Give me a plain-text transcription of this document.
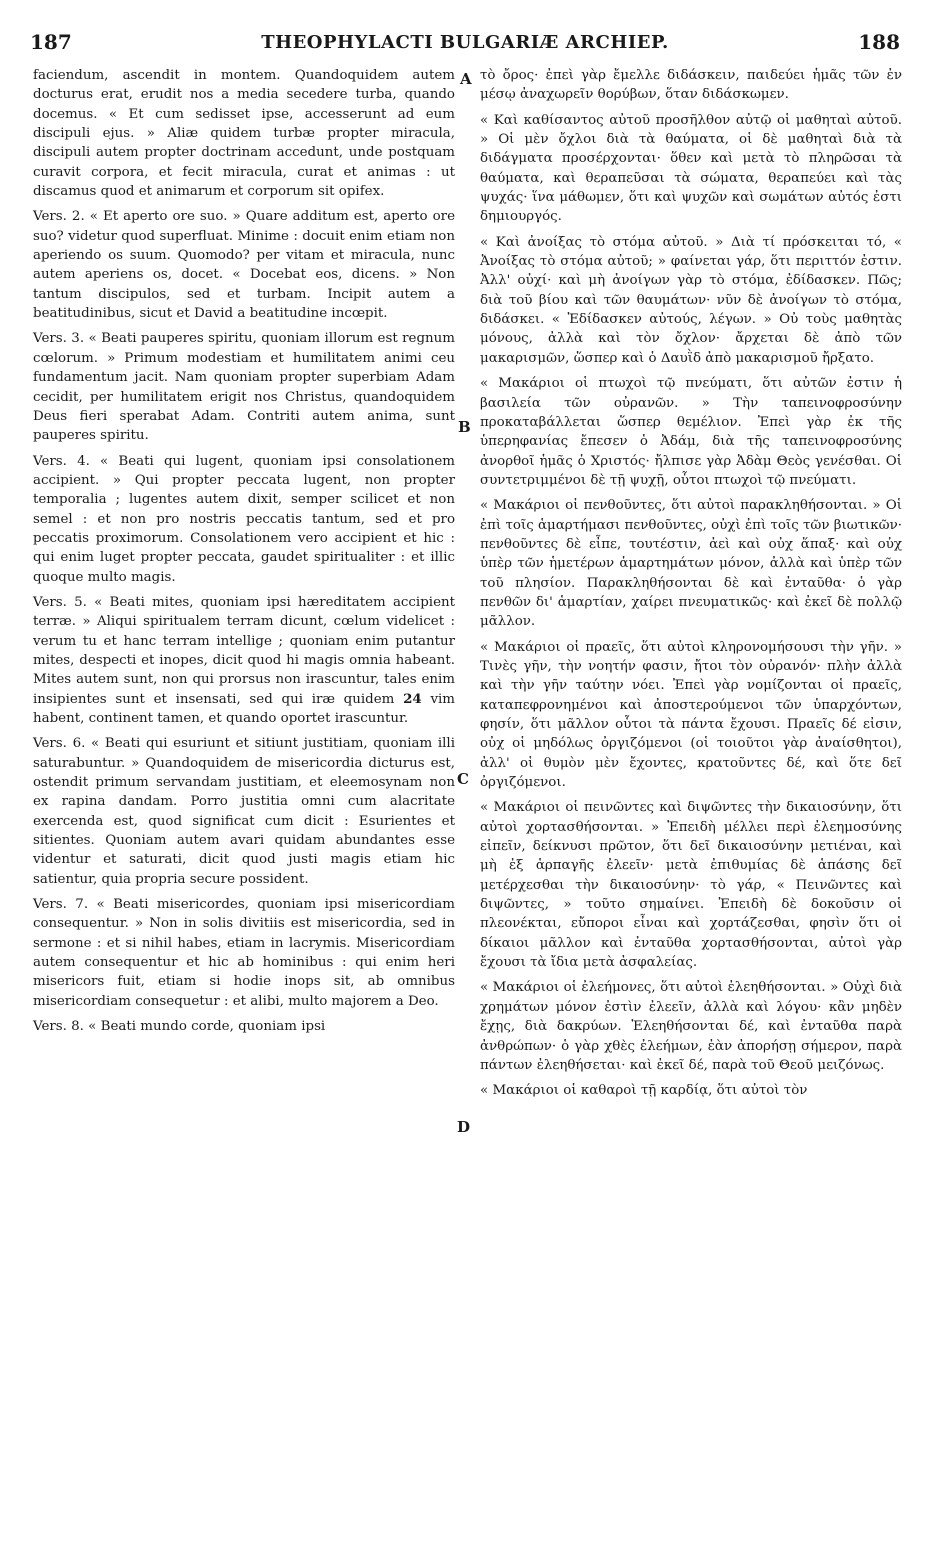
187	THEOPHYLACTI BULGARIÆ ARCHIEP.	188
A
B
C
D

faciendum, ascendit in montem. Quandoquidem autem docturus erat, erudit nos a media secedere turba, quando docemus. « Et cum sedisset ipse, accesserunt ad eum discipuli ejus. » Aliæ quidem turbæ propter miracula, discipuli autem propter doctrinam accedunt, unde postquam curavit corpora, et fecit miracula, curat et animas : ut discamus quod et animarum et corporum sit opifex.

Vers. 2. « Et aperto ore suo. » Quare additum est, aperto ore suo? videtur quod superfluat. Minime : docuit enim etiam non aperiendo os suum. Quomodo? per vitam et miracula, nunc autem aperiens os, docet. « Docebat eos, dicens. » Non tantum discipulos, sed et turbam. Incipit autem a beatitudinibus, sicut et David a beatitudine incœpit.

Vers. 3. « Beati pauperes spiritu, quoniam illorum est regnum cœlorum. » Primum modestiam et humilitatem animi ceu fundamentum jacit. Nam quoniam propter superbiam Adam cecidit, per humilitatem erigit nos Christus, quandoquidem Deus fieri sperabat Adam. Contriti autem anima, sunt pauperes spiritu.

Vers. 4. « Beati qui lugent, quoniam ipsi consolationem accipient. » Qui propter peccata lugent, non propter temporalia ; lugentes autem dixit, semper scilicet et non semel : et non pro nostris peccatis tantum, sed et pro peccatis proximorum. Consolationem vero accipient et hic : qui enim luget propter peccata, gaudet spiritualiter : et illic quoque multo magis.

Vers. 5. « Beati mites, quoniam ipsi hæreditatem accipient terræ. » Aliqui spiritualem terram dicunt, cœlum videlicet : verum tu et hanc terram intellige ; quoniam enim putantur mites, despecti et inopes, dicit quod hi magis omnia habeant. Mites autem sunt, non qui prorsus non irascuntur, tales enim insipientes sunt et insensati, sed qui iræ quidem 24 vim habent, continent tamen, et quando oportet irascuntur.

Vers. 6. « Beati qui esuriunt et sitiunt justitiam, quoniam illi saturabuntur. » Quandoquidem de misericordia dicturus est, ostendit primum servandam justitiam, et eleemosynam non ex rapina dandam. Porro justitia omni cum alacritate exercenda est, quod significat cum dicit : Esurientes et sitientes. Quoniam autem avari quidam abundantes esse videntur et saturati, dicit quod justi magis etiam hic satientur, quia propria secure possident.

Vers. 7. « Beati misericordes, quoniam ipsi misericordiam consequentur. » Non in solis divitiis est misericordia, sed in sermone : et si nihil habes, etiam in lacrymis. Misericordiam autem consequentur et hic ab hominibus : qui enim heri misericors fuit, etiam si hodie inops sit, ab omnibus misericordiam consequetur : et alibi, multo majorem a Deo.

Vers. 8. « Beati mundo corde, quoniam ipsi

τὸ ὄρος· ἐπεὶ γὰρ ἔμελλε διδάσκειν, παιδεύει ἡμᾶς τῶν ἐν μέσῳ ἀναχωρεῖν θορύβων, ὅταν διδάσκωμεν.

« Καὶ καθίσαντος αὐτοῦ προσῆλθον αὐτῷ οἱ μαθηταὶ αὐτοῦ. » Οἱ μὲν ὄχλοι διὰ τὰ θαύματα, οἱ δὲ μαθηταὶ διὰ τὰ διδάγματα προσέρχονται· ὅθεν καὶ μετὰ τὸ πληρῶσαι τὰ θαύματα, καὶ θεραπεῦσαι τὰ σώματα, θεραπεύει καὶ τὰς ψυχάς· ἵνα μάθωμεν, ὅτι καὶ ψυχῶν καὶ σωμάτων αὐτός ἐστι δημιουργός.

« Καὶ ἀνοίξας τὸ στόμα αὐτοῦ. » Διὰ τί πρόσκειται τό, « Ἀνοίξας τὸ στόμα αὐτοῦ; » φαίνεται γάρ, ὅτι περιττόν ἐστιν. Ἀλλ' οὐχί· καὶ μὴ ἀνοίγων γὰρ τὸ στόμα, ἐδίδασκεν. Πῶς; διὰ τοῦ βίου καὶ τῶν θαυμάτων· νῦν δὲ ἀνοίγων τὸ στόμα, διδάσκει. « Ἐδίδασκεν αὐτούς, λέγων. » Οὐ τοὺς μαθητὰς μόνους, ἀλλὰ καὶ τὸν ὄχλον· ἄρχεται δὲ ἀπὸ τῶν μακαρισμῶν, ὥσπερ καὶ ὁ Δαυῒδ ἀπὸ μακαρισμοῦ ἤρξατο.

« Μακάριοι οἱ πτωχοὶ τῷ πνεύματι, ὅτι αὐτῶν ἐστιν ἡ βασιλεία τῶν οὐρανῶν. » Τὴν ταπεινοφροσύνην προκαταβάλλεται ὥσπερ θεμέλιον. Ἐπεὶ γὰρ ἐκ τῆς ὑπερηφανίας ἔπεσεν ὁ Ἀδάμ, διὰ τῆς ταπεινοφροσύνης ἀνορθοῖ ἡμᾶς ὁ Χριστός· ἤλπισε γὰρ Ἀδὰμ Θεὸς γενέσθαι. Οἱ συντετριμμένοι δὲ τῇ ψυχῇ, οὗτοι πτωχοὶ τῷ πνεύματι.

« Μακάριοι οἱ πενθοῦντες, ὅτι αὐτοὶ παρακληθήσονται. » Οἱ ἐπὶ τοῖς ἁμαρτήμασι πενθοῦντες, οὐχὶ ἐπὶ τοῖς τῶν βιωτικῶν· πενθοῦντες δὲ εἶπε, τουτέστιν, ἀεὶ καὶ οὐχ ἅπαξ· καὶ οὐχ ὑπὲρ τῶν ἡμετέρων ἁμαρτημάτων μόνον, ἀλλὰ καὶ ὑπὲρ τῶν τοῦ πλησίον. Παρακληθήσονται δὲ καὶ ἐνταῦθα· ὁ γὰρ πενθῶν δι' ἁμαρτίαν, χαίρει πνευματικῶς· καὶ ἐκεῖ δὲ πολλῷ μᾶλλον.

« Μακάριοι οἱ πραεῖς, ὅτι αὐτοὶ κληρονομήσουσι τὴν γῆν. » Τινὲς γῆν, τὴν νοητήν φασιν, ἤτοι τὸν οὐρανόν· πλὴν ἀλλὰ καὶ τὴν γῆν ταύτην νόει. Ἐπεὶ γὰρ νομίζονται οἱ πραεῖς, καταπεφρονημένοι καὶ ἀποστερούμενοι τῶν ὑπαρχόντων, φησίν, ὅτι μᾶλλον οὗτοι τὰ πάντα ἔχουσι. Πραεῖς δέ εἰσιν, οὐχ οἱ μηδόλως ὀργιζόμενοι (οἱ τοιοῦτοι γὰρ ἀναίσθητοι), ἀλλ' οἱ θυμὸν μὲν ἔχοντες, κρατοῦντες δέ, καὶ ὅτε δεῖ ὀργιζόμενοι.

« Μακάριοι οἱ πεινῶντες καὶ διψῶντες τὴν δικαιοσύνην, ὅτι αὐτοὶ χορτασθήσονται. » Ἐπειδὴ μέλλει περὶ ἐλεημοσύνης εἰπεῖν, δείκνυσι πρῶτον, ὅτι δεῖ δικαιοσύνην μετιέναι, καὶ μὴ ἐξ ἁρπαγῆς ἐλεεῖν· μετὰ ἐπιθυμίας δὲ ἁπάσης δεῖ μετέρχεσθαι τὴν δικαιοσύνην· τὸ γάρ, « Πεινῶντες καὶ διψῶντες, » τοῦτο σημαίνει. Ἐπειδὴ δὲ δοκοῦσιν οἱ πλεονέκται, εὔποροι εἶναι καὶ χορτάζεσθαι, φησὶν ὅτι οἱ δίκαιοι μᾶλλον καὶ ἐνταῦθα χορτασθήσονται, αὐτοὶ γὰρ ἔχουσι τὰ ἴδια μετὰ ἀσφαλείας.

« Μακάριοι οἱ ἐλεήμονες, ὅτι αὐτοὶ ἐλεηθήσονται. » Οὐχὶ διὰ χρημάτων μόνον ἐστὶν ἐλεεῖν, ἀλλὰ καὶ λόγου· κἂν μηδὲν ἔχῃς, διὰ δακρύων. Ἐλεηθήσονται δέ, καὶ ἐνταῦθα παρὰ ἀνθρώπων· ὁ γὰρ χθὲς ἐλεήμων, ἐὰν ἀπορήσῃ σήμερον, παρὰ πάντων ἐλεηθήσεται· καὶ ἐκεῖ δέ, παρὰ τοῦ Θεοῦ μειζόνως.

« Μακάριοι οἱ καθαροὶ τῇ καρδίᾳ, ὅτι αὐτοὶ τὸν
